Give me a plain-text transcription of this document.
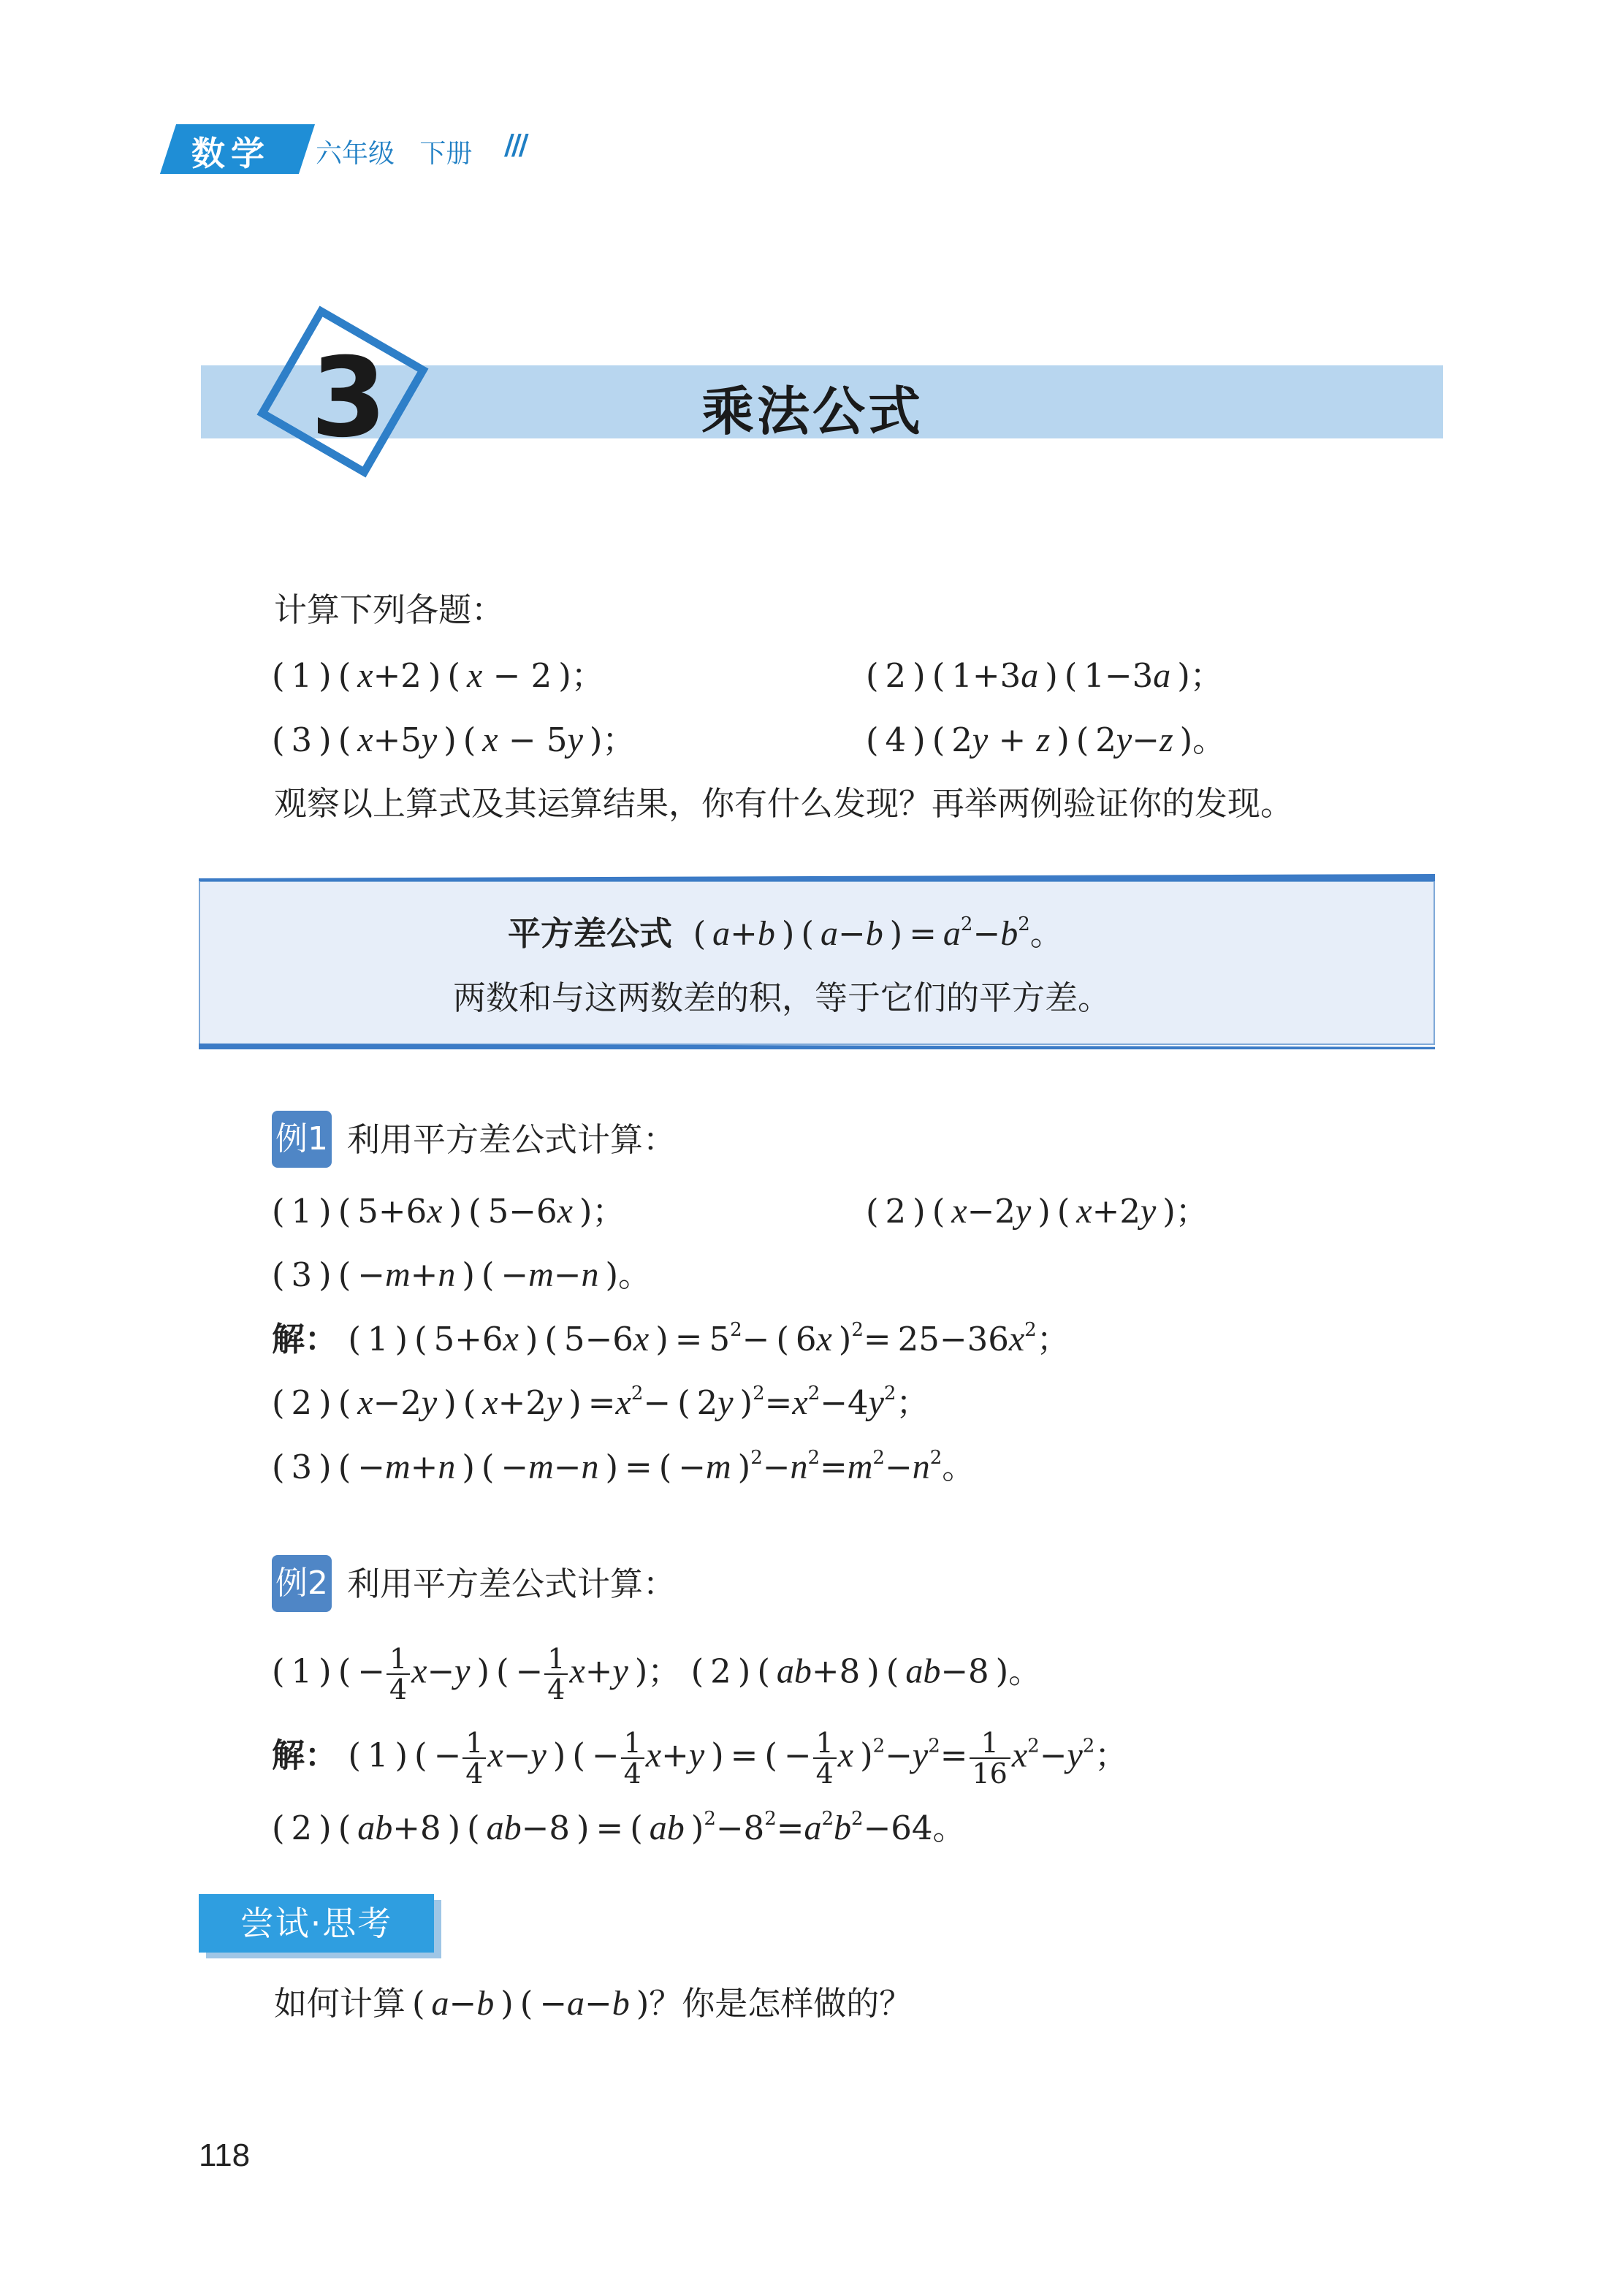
数学 六年级 下册 ///
3	乘法公式
计算下列各题：
( 1 ) ( x+2 ) ( x − 2 )；	( 2 ) ( 1+3a ) ( 1−3a )；
( 3 ) ( x+5y ) ( x − 5y )；	( 4 ) ( 2y + z ) ( 2y−z )。
观察以上算式及其运算结果，你有什么发现？再举两例验证你的发现。
平方差公式  ( a+b ) ( a−b ) = $a^2-b^2$。
两数和与这两数差的积，等于它们的平方差。
例1 利用平方差公式计算：
( 1 ) ( 5+6x ) ( 5−6x )；	( 2 ) ( x−2y ) ( x+2y )；
( 3 ) ( −m+n ) ( −m−n )。
解： ( 1 ) ( 5+6x ) ( 5−6x ) = $5^2-$ ( 6x )$^2= 25-36x^2$；
( 2 ) ( x−2y ) ( x+2y ) $=x^2-$ ( 2y )$^2=x^2-4y^2$；
( 3 ) ( −m+n ) ( −m−n ) = ( −m )$^2-n^2=m^2-n^2$。
例2 利用平方差公式计算：
( 1 ) ( − $\frac{1}{4} x-y$ ) ( − $\frac{1}{4} x+y$ )； ( 2 ) ( ab+8 ) ( ab−8 )。
解： ( 1 ) ( − $\frac{1}{4} x-y$ ) ( − $\frac{1}{4} x+y$ ) = ( − $\frac{1}{4}$ x )$^2-y^2= \frac{1}{16} x^2-y^2$；
( 2 ) ( ab+8 ) ( ab−8 ) = ( ab )$^2-8^2=a^2b^2-64$。
尝试·思考
如何计算 ( a−b ) ( −a−b )？你是怎样做的？
118
